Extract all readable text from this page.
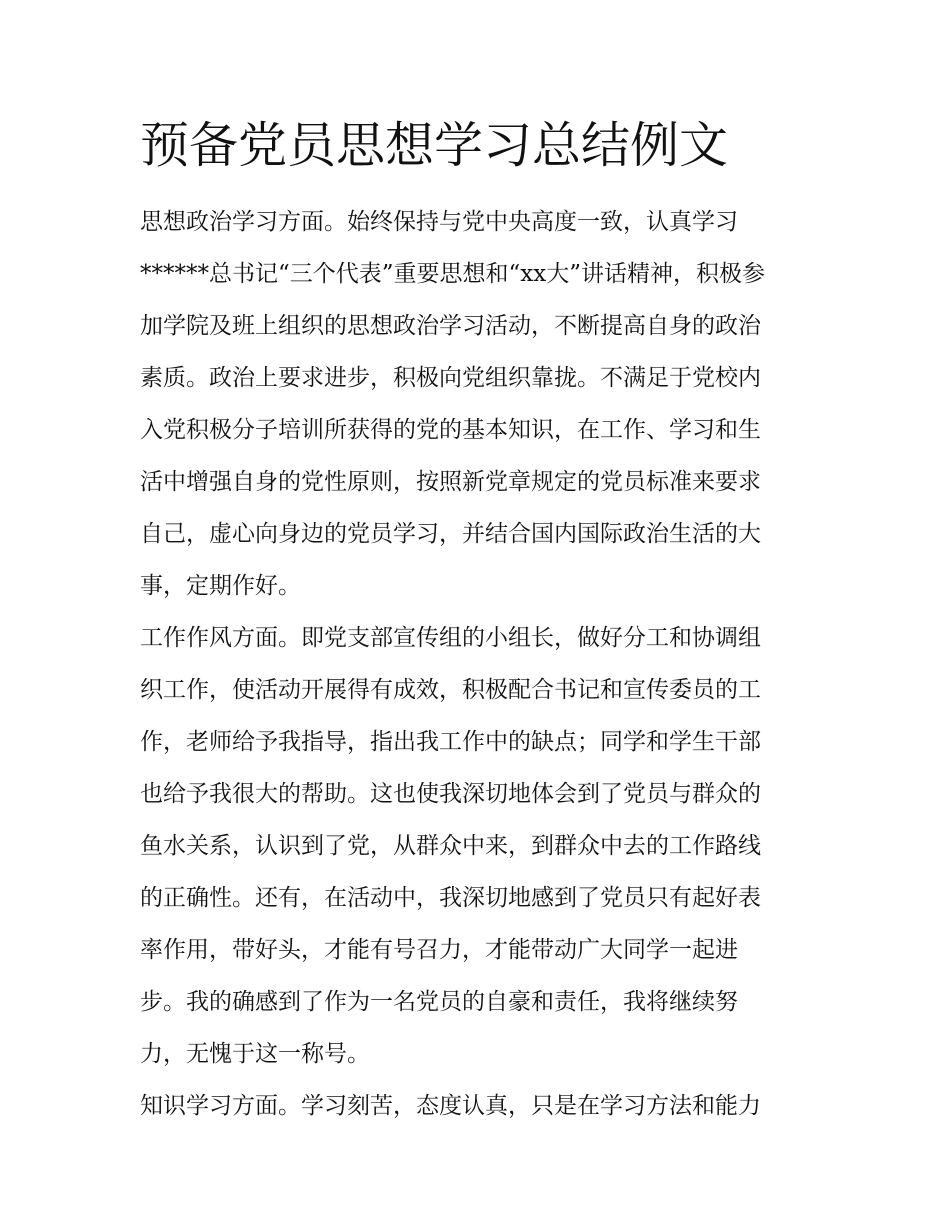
预备党员思想学习总结例文

思想政治学习方面。始终保持与党中央高度一致，认真学习

******总书记“三个代表”重要思想和“xx大”讲话精神，积极参

加学院及班上组织的思想政治学习活动，不断提高自身的政治

素质。政治上要求进步，积极向党组织靠拢。不满足于党校内

入党积极分子培训所获得的党的基本知识，在工作、学习和生

活中增强自身的党性原则，按照新党章规定的党员标准来要求

自己，虚心向身边的党员学习，并结合国内国际政治生活的大

事，定期作好。

工作作风方面。即党支部宣传组的小组长，做好分工和协调组

织工作，使活动开展得有成效，积极配合书记和宣传委员的工

作，老师给予我指导，指出我工作中的缺点；同学和学生干部

也给予我很大的帮助。这也使我深切地体会到了党员与群众的

鱼水关系，认识到了党，从群众中来，到群众中去的工作路线

的正确性。还有，在活动中，我深切地感到了党员只有起好表

率作用，带好头，才能有号召力，才能带动广大同学一起进

步。我的确感到了作为一名党员的自豪和责任，我将继续努

力，无愧于这一称号。

知识学习方面。学习刻苦，态度认真，只是在学习方法和能力
